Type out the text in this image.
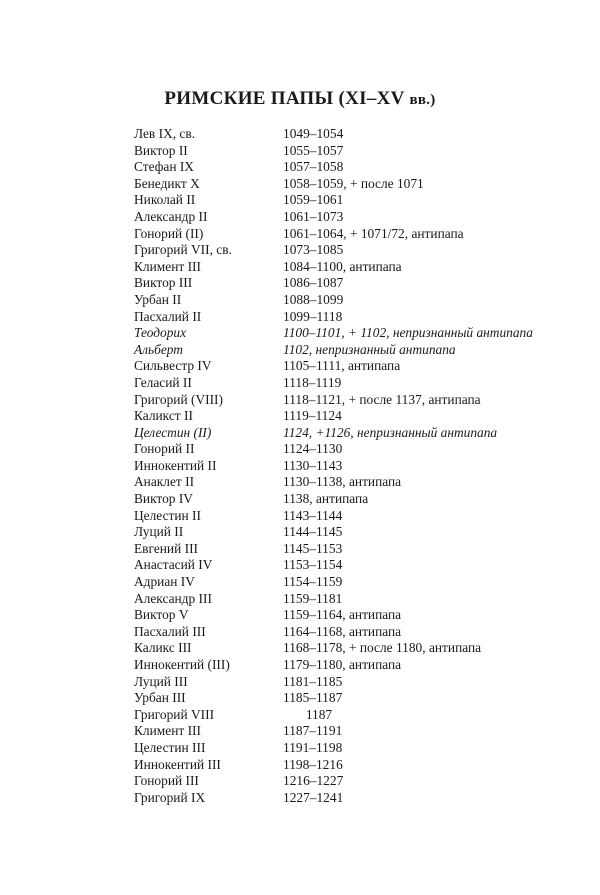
РИМСКИЕ ПАПЫ (XI–XV вв.)
Лев IX, св.	1049–1054
Виктор II	1055–1057
Стефан IX	1057–1058
Бенедикт X	1058–1059, + после 1071
Николай II	1059–1061
Александр II	1061–1073
Гонорий (II)	1061–1064, + 1071/72, антипапа
Григорий VII, св.	1073–1085
Климент III	1084–1100, антипапа
Виктор III	1086–1087
Урбан II	1088–1099
Пасхалий II	1099–1118
Теодорих	1100–1101, + 1102, непризнанный антипапа
Альберт	1102, непризнанный антипапа
Сильвестр IV	1105–1111, антипапа
Геласий II	1118–1119
Григорий (VIII)	1118–1121, + после 1137, антипапа
Каликст II	1119–1124
Целестин (II)	1124, +1126, непризнанный антипапа
Гонорий II	1124–1130
Иннокентий II	1130–1143
Анаклет II	1130–1138, антипапа
Виктор IV	1138, антипапа
Целестин II	1143–1144
Луций II	1144–1145
Евгений III	1145–1153
Анастасий IV	1153–1154
Адриан IV	1154–1159
Александр III	1159–1181
Виктор V	1159–1164, антипапа
Пасхалий III	1164–1168, антипапа
Каликс III	1168–1178, + после 1180, антипапа
Иннокентий (III)	1179–1180, антипапа
Луций III	1181–1185
Урбан III	1185–1187
Григорий VIII	1187
Климент III	1187–1191
Целестин III	1191–1198
Иннокентий III	1198–1216
Гонорий III	1216–1227
Григорий IX	1227–1241
